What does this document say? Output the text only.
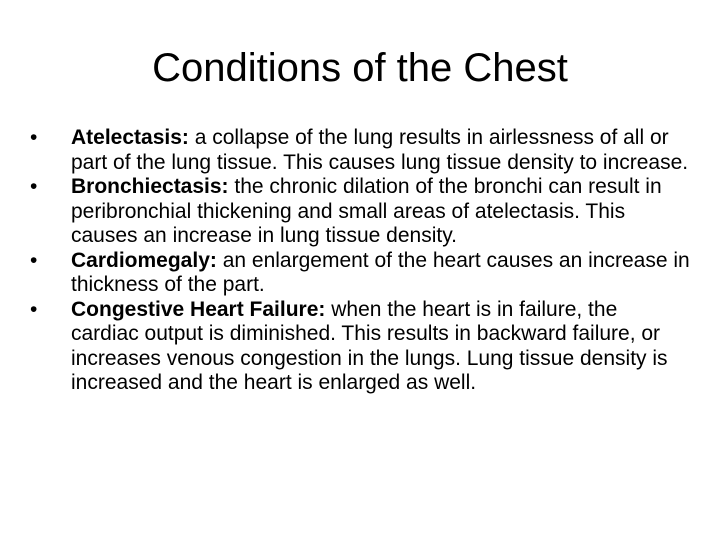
Conditions of the Chest
•	Atelectasis: a collapse of the lung results in airlessness of all or part of the lung tissue. This causes lung tissue density to increase.
•	Bronchiectasis: the chronic dilation of the bronchi can result in peribronchial thickening and small areas of atelectasis. This causes an increase in lung tissue density.
•	Cardiomegaly: an enlargement of the heart causes an increase in thickness of the part.
•	Congestive Heart Failure: when the heart is in failure, the cardiac output is diminished. This results in backward failure, or increases venous congestion in the lungs. Lung tissue density is increased and the heart is enlarged as well.
